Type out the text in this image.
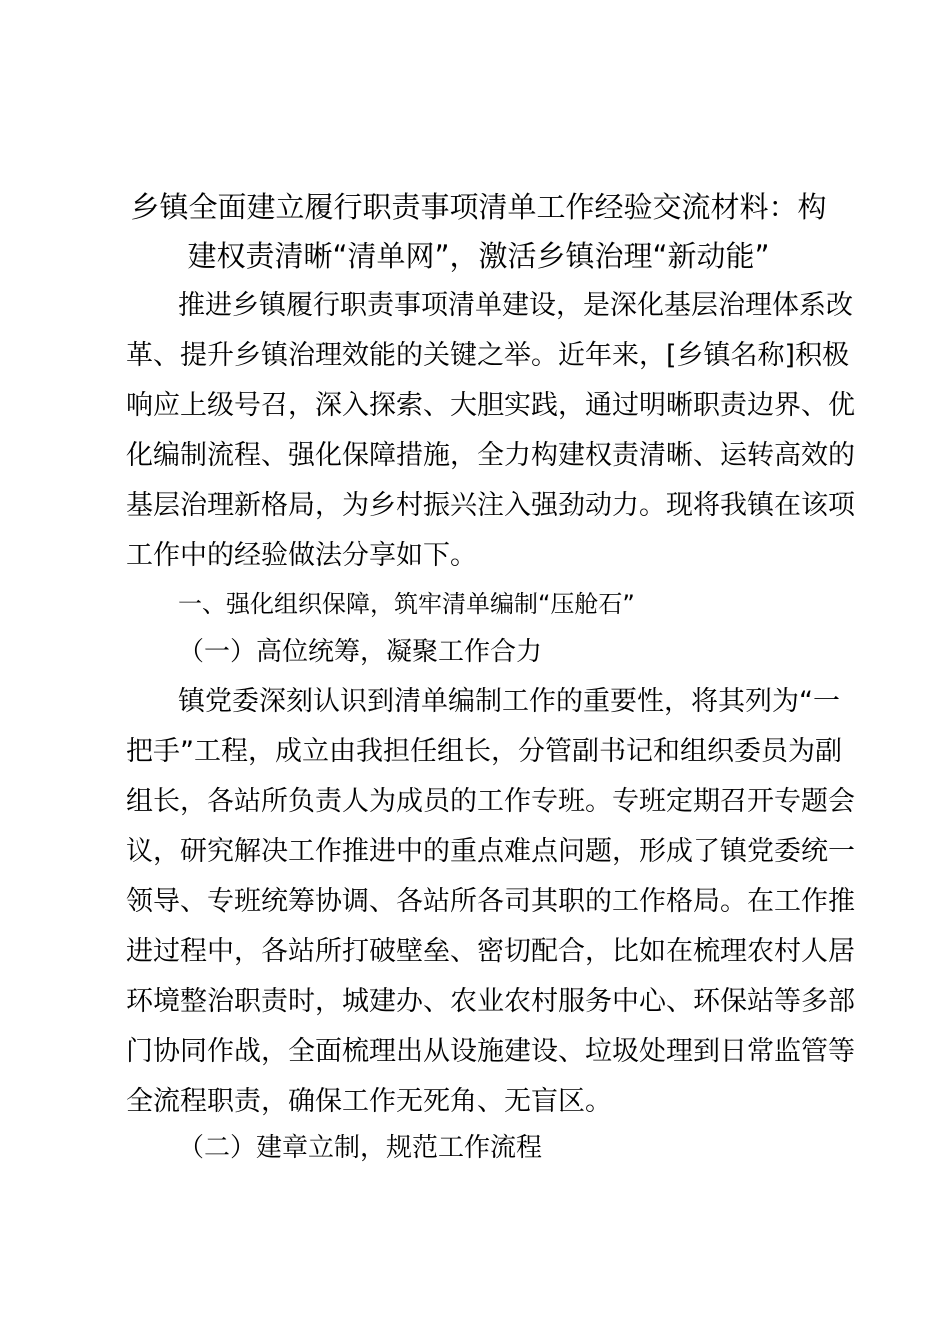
乡镇全面建立履行职责事项清单工作经验交流材料：构
建权责清晰“清单网”，激活乡镇治理“新动能”
推进乡镇履行职责事项清单建设，是深化基层治理体系改
革、提升乡镇治理效能的关键之举。近年来，[乡镇名称]积极
响应上级号召，深入探索、大胆实践，通过明晰职责边界、优
化编制流程、强化保障措施，全力构建权责清晰、运转高效的
基层治理新格局，为乡村振兴注入强劲动力。现将我镇在该项
工作中的经验做法分享如下。
一、强化组织保障，筑牢清单编制“压舱石”
（一）高位统筹，凝聚工作合力
镇党委深刻认识到清单编制工作的重要性，将其列为“一
把手”工程，成立由我担任组长，分管副书记和组织委员为副
组长，各站所负责人为成员的工作专班。专班定期召开专题会
议，研究解决工作推进中的重点难点问题，形成了镇党委统一
领导、专班统筹协调、各站所各司其职的工作格局。在工作推
进过程中，各站所打破壁垒、密切配合，比如在梳理农村人居
环境整治职责时，城建办、农业农村服务中心、环保站等多部
门协同作战，全面梳理出从设施建设、垃圾处理到日常监管等
全流程职责，确保工作无死角、无盲区。
（二）建章立制，规范工作流程
